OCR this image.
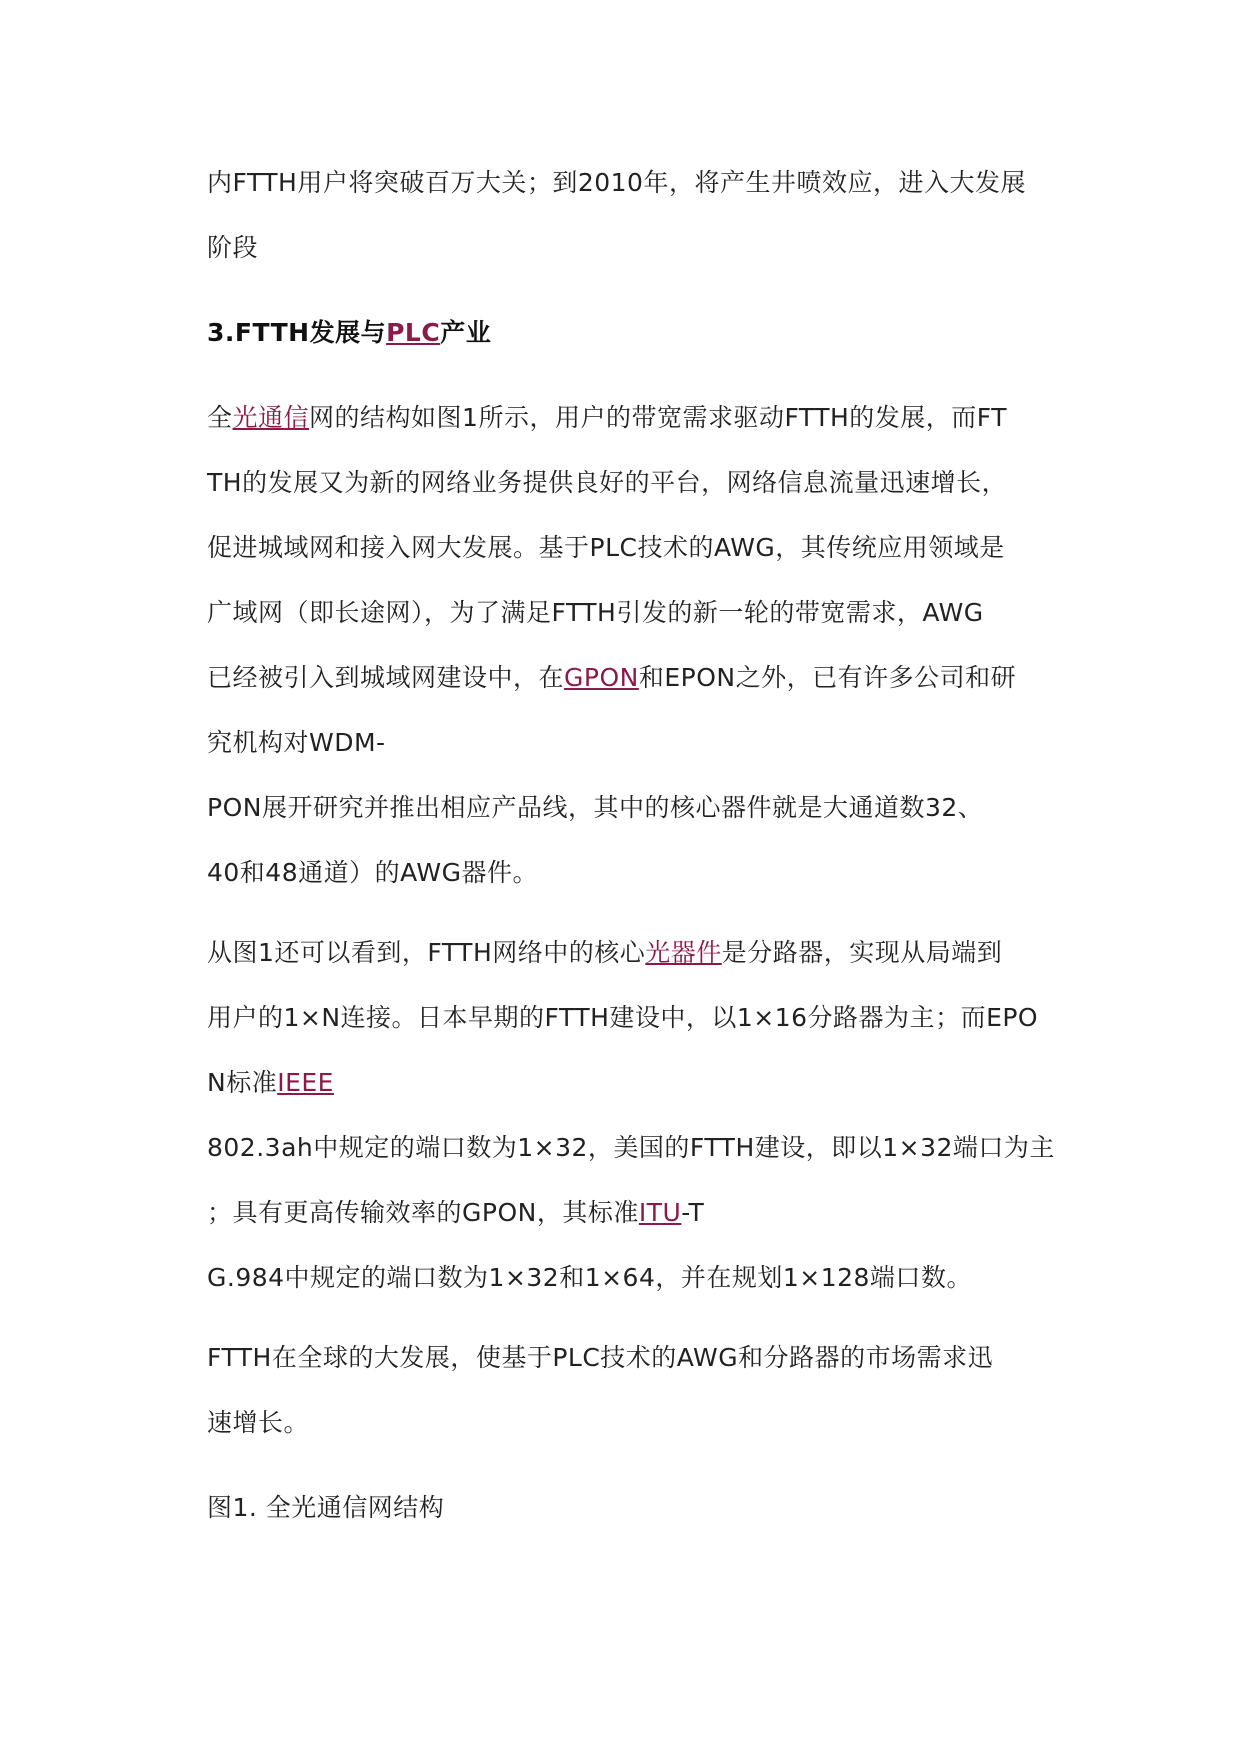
内FTTH用户将突破百万大关；到2010年，将产生井喷效应，进入大发展
阶段
3.FTTH发展与PLC产业
全光通信网的结构如图1所示，用户的带宽需求驱动FTTH的发展，而FT
TH的发展又为新的网络业务提供良好的平台，网络信息流量迅速增长，
促进城域网和接入网大发展。基于PLC技术的AWG，其传统应用领域是
广域网（即长途网），为了满足FTTH引发的新一轮的带宽需求，AWG
已经被引入到城域网建设中，在GPON和EPON之外，已有许多公司和研
究机构对WDM-
PON展开研究并推出相应产品线，其中的核心器件就是大通道数32、
40和48通道）的AWG器件。
从图1还可以看到，FTTH网络中的核心光器件是分路器，实现从局端到
用户的1×N连接。日本早期的FTTH建设中，以1×16分路器为主；而EPO
N标准IEEE
802.3ah中规定的端口数为1×32，美国的FTTH建设，即以1×32端口为主
；具有更高传输效率的GPON，其标准ITU-T
G.984中规定的端口数为1×32和1×64，并在规划1×128端口数。
FTTH在全球的大发展，使基于PLC技术的AWG和分路器的市场需求迅
速增长。
图1. 全光通信网结构
